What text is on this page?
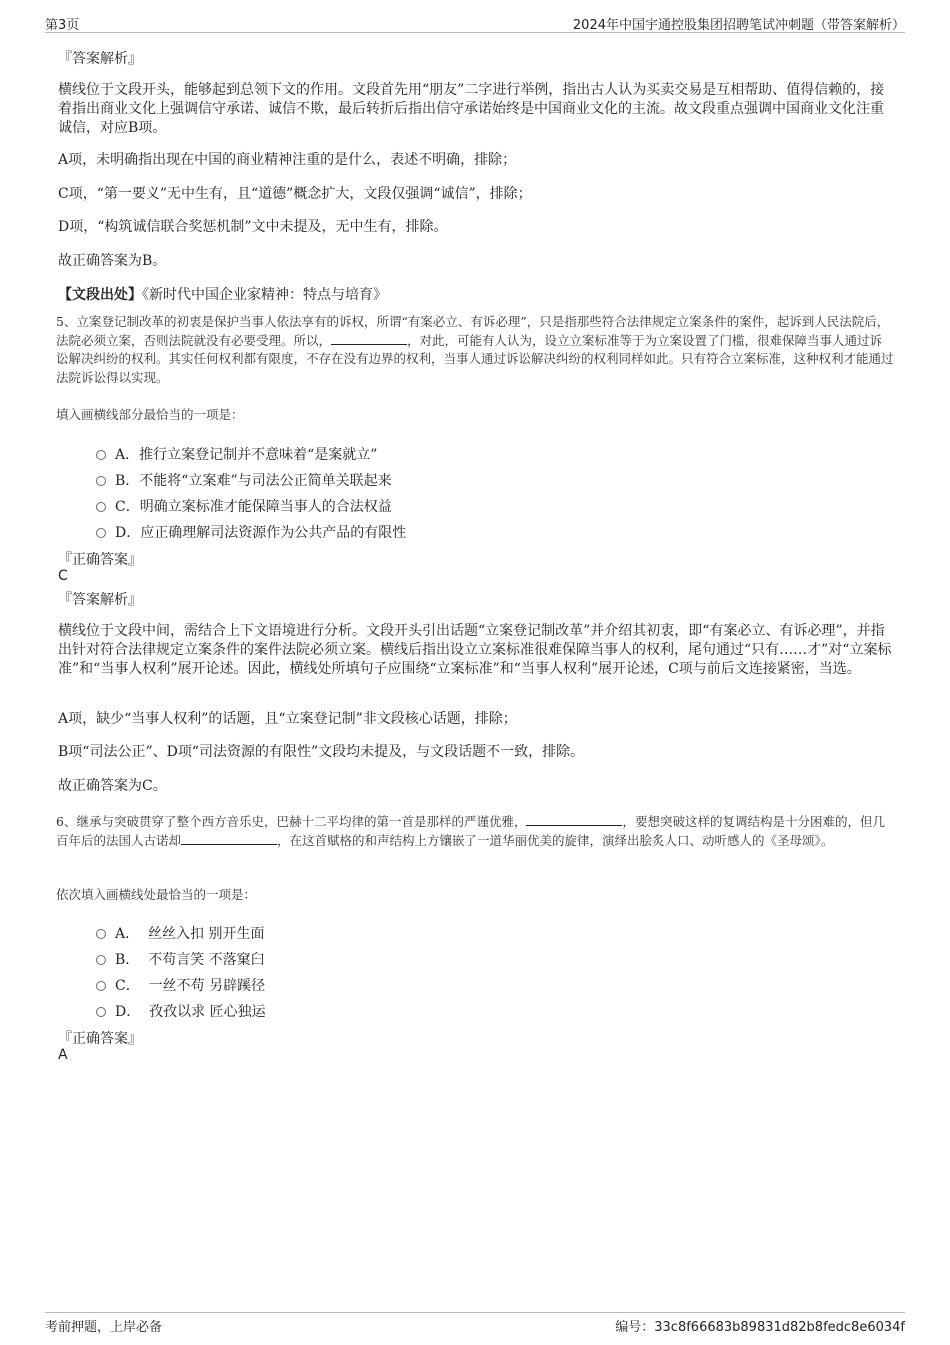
第3页	2024年中国宇通控股集团招聘笔试冲刺题（带答案解析）
『答案解析』
横线位于文段开头，能够起到总领下文的作用。文段首先用“朋友”二字进行举例，指出古人认为买卖交易是互相帮助、值得信赖的，接着指出商业文化上强调信守承诺、诚信不欺，最后转折后指出信守承诺始终是中国商业文化的主流。故文段重点强调中国商业文化注重诚信，对应B项。
A项，未明确指出现在中国的商业精神注重的是什么，表述不明确，排除；
C项，“第一要义”无中生有，且“道德”概念扩大，文段仅强调“诚信”，排除；
D项，“构筑诚信联合奖惩机制”文中未提及，无中生有，排除。
故正确答案为B。
【文段出处】《新时代中国企业家精神：特点与培育》
5、立案登记制改革的初衷是保护当事人依法享有的诉权，所谓“有案必立、有诉必理”，只是指那些符合法律规定立案条件的案件，起诉到人民法院后，法院必须立案，否则法院就没有必要受理。所以，	，对此，可能有人认为，设立立案标准等于为立案设置了门槛，很难保障当事人通过诉讼解决纠纷的权利。其实任何权利都有限度，不存在没有边界的权利，当事人通过诉讼解决纠纷的权利同样如此。只有符合立案标准，这种权利才能通过法院诉讼得以实现。
填入画横线部分最恰当的一项是：
A．推行立案登记制并不意味着“是案就立”
B．不能将“立案难”与司法公正简单关联起来
C．明确立案标准才能保障当事人的合法权益
D．应正确理解司法资源作为公共产品的有限性
『正确答案』
C
『答案解析』
横线位于文段中间，需结合上下文语境进行分析。文段开头引出话题“立案登记制改革”并介绍其初衷，即“有案必立、有诉必理”，并指出针对符合法律规定立案条件的案件法院必须立案。横线后指出设立立案标准很难保障当事人的权利，尾句通过“只有……才”对“立案标准”和“当事人权利”展开论述。因此，横线处所填句子应围绕“立案标准”和“当事人权利”展开论述，C项与前后文连接紧密，当选。
A项，缺少“当事人权利”的话题，且“立案登记制”非文段核心话题，排除；
B项“司法公正”、D项“司法资源的有限性”文段均未提及，与文段话题不一致，排除。
故正确答案为C。
6、继承与突破贯穿了整个西方音乐史，巴赫十二平均律的第一首是那样的严谨优雅，	，要想突破这样的复调结构是十分困难的，但几百年后的法国人古诺却	，在这首赋格的和声结构上方镶嵌了一道华丽优美的旋律，演绎出脍炙人口、动听感人的《圣母颂》。
依次填入画横线处最恰当的一项是：
A． 丝丝入扣 别开生面
B． 不苟言笑 不落窠臼
C． 一丝不苟 另辟蹊径
D． 孜孜以求 匠心独运
『正确答案』
A
考前押题，上岸必备	编号：33c8f66683b89831d82b8fedc8e6034f
